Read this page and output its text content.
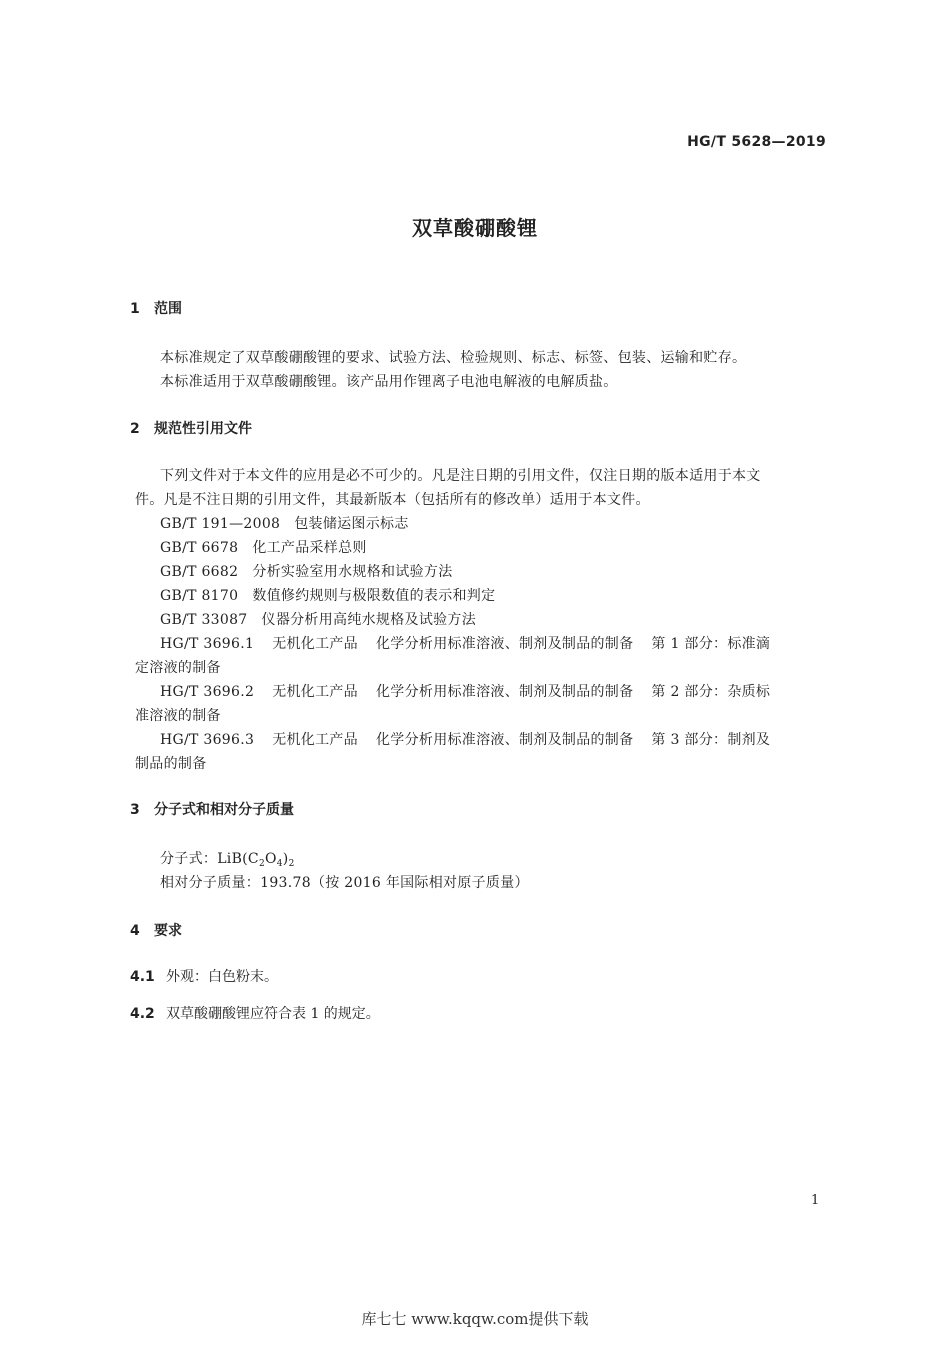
HG/T 5628—2019
双草酸硼酸锂
1 范围
本标准规定了双草酸硼酸锂的要求、试验方法、检验规则、标志、标签、包装、运输和贮存。
本标准适用于双草酸硼酸锂。该产品用作锂离子电池电解液的电解质盐。
2 规范性引用文件
下列文件对于本文件的应用是必不可少的。凡是注日期的引用文件，仅注日期的版本适用于本文
件。凡是不注日期的引用文件，其最新版本（包括所有的修改单）适用于本文件。
GB/T 191—2008 包装储运图示标志
GB/T 6678 化工产品采样总则
GB/T 6682 分析实验室用水规格和试验方法
GB/T 8170 数值修约规则与极限数值的表示和判定
GB/T 33087 仪器分析用高纯水规格及试验方法
HG/T 3696.1 无机化工产品 化学分析用标准溶液、制剂及制品的制备 第 1 部分：标准滴
定溶液的制备
HG/T 3696.2 无机化工产品 化学分析用标准溶液、制剂及制品的制备 第 2 部分：杂质标
准溶液的制备
HG/T 3696.3 无机化工产品 化学分析用标准溶液、制剂及制品的制备 第 3 部分：制剂及
制品的制备
3 分子式和相对分子质量
分子式：$LiB(C_2O_4)_2$
相对分子质量：193.78（按 2016 年国际相对原子质量）
4 要求
4.1 外观：白色粉末。
4.2 双草酸硼酸锂应符合表 1 的规定。
1
库七七 www.kqqw.com提供下载
